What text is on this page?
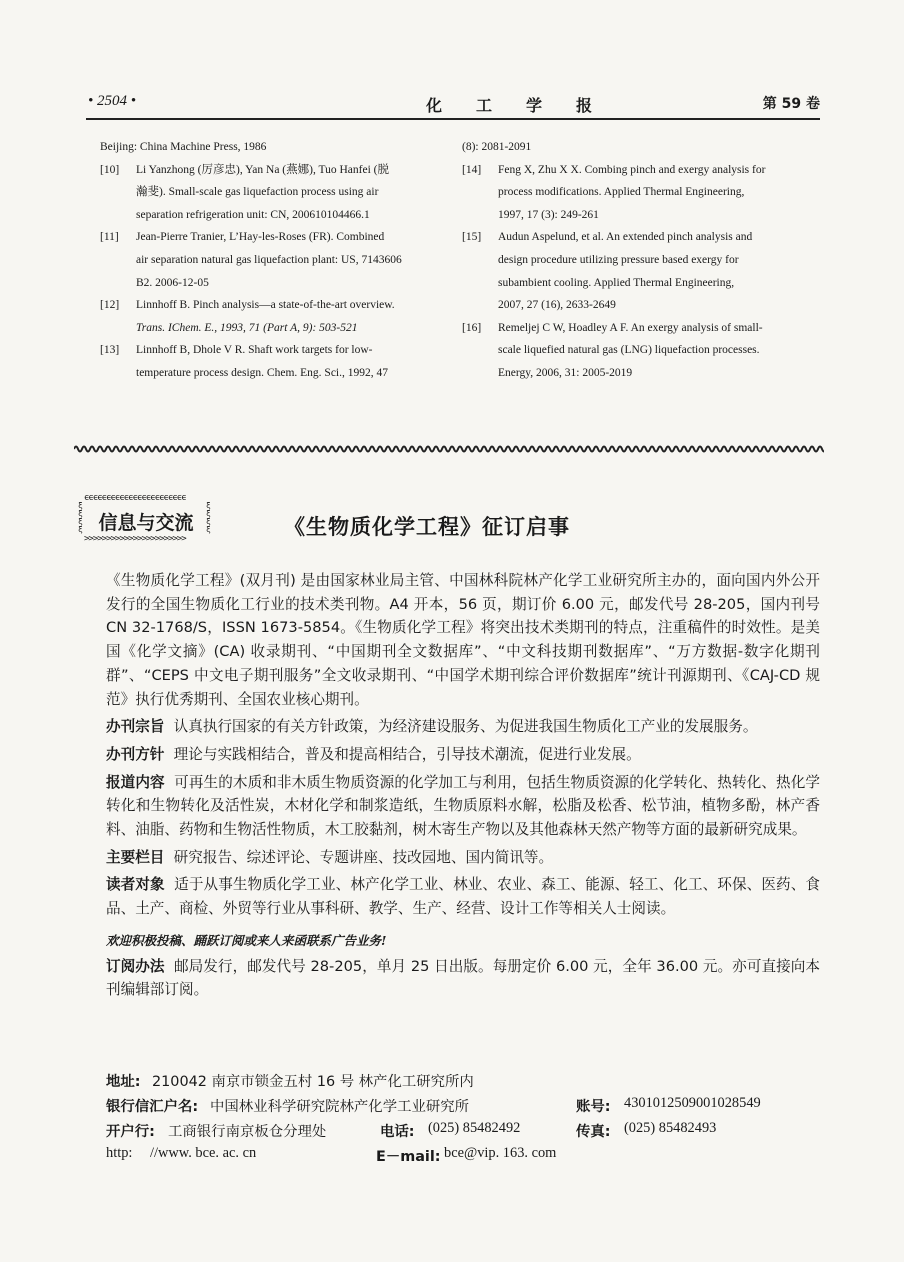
• 2504 •	化工学报	第 59 卷
Beijing: China Machine Press, 1986
[10]	Li Yanzhong (厉彦忠), Yan Na (燕娜), Tuo Hanfei (脱
瀚斐). Small-scale gas liquefaction process using air
separation refrigeration unit: CN, 200610104466.1
[11]	Jean-Pierre Tranier, L’Hay-les-Roses (FR). Combined
air separation natural gas liquefaction plant: US, 7143606
B2. 2006-12-05
[12]	Linnhoff B. Pinch analysis—a state-of-the-art overview.
Trans. IChem. E., 1993, 71 (Part A, 9): 503-521
[13]	Linnhoff B, Dhole V R. Shaft work targets for low-
temperature process design. Chem. Eng. Sci., 1992, 47
(8): 2081-2091
[14]	Feng X, Zhu X X. Combing pinch and exergy analysis for
process modifications. Applied Thermal Engineering,
1997, 17 (3): 249-261
[15]	Audun Aspelund, et al. An extended pinch analysis and
design procedure utilizing pressure based exergy for
subambient cooling. Applied Thermal Engineering,
2007, 27 (16), 2633-2649
[16]	Remeljej C W, Hoadley A F. An exergy analysis of small-
scale liquefied natural gas (LNG) liquefaction processes.
Energy, 2006, 31: 2005-2019
ϵϵϵϵϵϵϵϵϵϵϵϵϵϵϵϵϵϵϵϵϵϵϵ
ξ
ξ
ξ
ξ 信息与交流
ξ
ξ
ξ
ξ
>>>>>>>>>>>>>>>>>>>>>>>	《生物质化学工程》征订启事

《生物质化学工程》(双月刊) 是由国家林业局主管、中国林科院林产化学工业研究所主办的，面向国内外公开发行的全国生物质化工行业的技术类刊物。A4 开本，56 页，期订价 6.00 元，邮发代号 28-205，国内刊号 CN 32-1768/S，ISSN 1673-5854。《生物质化学工程》将突出技术类期刊的特点，注重稿件的时效性。是美国《化学文摘》(CA) 收录期刊、“中国期刊全文数据库”、“中文科技期刊数据库”、“万方数据-数字化期刊群”、“CEPS 中文电子期刊服务”全文收录期刊、“中国学术期刊综合评价数据库”统计刊源期刊、《CAJ-CD 规范》执行优秀期刊、全国农业核心期刊。

办刊宗旨 认真执行国家的有关方针政策，为经济建设服务、为促进我国生物质化工产业的发展服务。

办刊方针 理论与实践相结合，普及和提高相结合，引导技术潮流，促进行业发展。

报道内容 可再生的木质和非木质生物质资源的化学加工与利用，包括生物质资源的化学转化、热转化、热化学转化和生物转化及活性炭，木材化学和制浆造纸，生物质原料水解，松脂及松香、松节油，植物多酚，林产香料、油脂、药物和生物活性物质，木工胶黏剂，树木寄生产物以及其他森林天然产物等方面的最新研究成果。

主要栏目 研究报告、综述评论、专题讲座、技改园地、国内简讯等。

读者对象 适于从事生物质化学工业、林产化学工业、林业、农业、森工、能源、轻工、化工、环保、医药、食品、土产、商检、外贸等行业从事科研、教学、生产、经营、设计工作等相关人士阅读。

欢迎积极投稿、踊跃订阅或来人来函联系广告业务!

订阅办法 邮局发行，邮发代号 28-205，单月 25 日出版。每册定价 6.00 元，全年 36.00 元。亦可直接向本刊编辑部订阅。

地址: 210042 南京市锁金五村 16 号 林产化工研究所内
银行信汇户名: 中国林业科学研究院林产化学工业研究所	账号: 4301012509001028549
开户行: 工商银行南京板仓分理处	电话: (025) 85482492	传真: (025) 85482493
http: //www. bce. ac. cn	E－mail: bce@vip. 163. com
